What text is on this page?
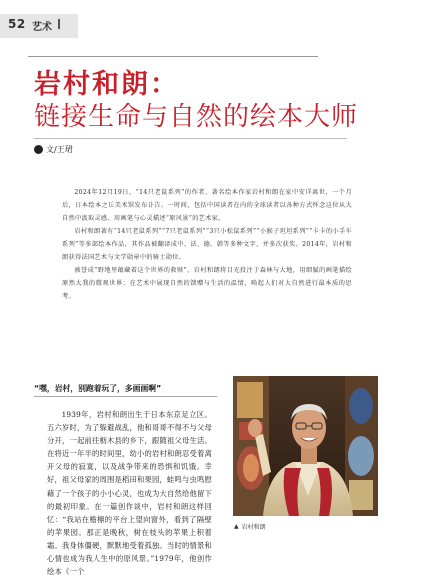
52 艺术
岩村和朗：
链接生命与自然的绘本大师
文/王珺

2024年12月19日，“14只老鼠系列”的作者、著名绘本作家岩村和朗在家中安详离世，一个月后，日本绘本之丘美术馆发布讣告。一时间，包括中国读者在内的全球读者以各种方式怀念这位从大自然中汲取灵感、用画笔与心灵描述“原风景”的艺术家。

岩村和朗著有“14只老鼠系列”“7只老鼠系列”“3只小松鼠系列”“小猴子坦坦系列”“卡卡的小手车系列”等多部绘本作品，其作品被翻译成中、法、德、韩等多种文字，并多次获奖。2014年，岩村和朗获得法国艺术与文学勋章中的骑士勋位。

被誉成“野地里蕴藏着这个世界的救赎”，岩村和朗将目光投注于森林与大地，用细腻的画笔描绘原然大我的微观世界；在艺术中展现自然的馈赠与生活的温情，唤起人们对大自然进行最本质的思考。

“嘿，岩村，别跑着玩了，多画画啊”

1939年，岩村和朗出生于日本东京足立区。五六岁时，为了躲避战乱，他和哥哥不得不与父母分开，一起前往枥木县的乡下，跟随祖父母生活。在将近一年半的时间里，幼小的岩村和朗忍受着离开父母的寂寞，以及战争带来的恐惧和饥饿。幸好，祖父母家的周围是稻田和果园，蛙鸣与虫鸣慰藉了一个孩子的小小心灵，也成为大自然给他留下的最初印象。在一篇创作谈中，岩村和朗这样回忆：“我站在檐檩的平台上望向窗外，看到了隔壁的苹果园。那正是晚秋，树在枝头的苹果上积着霜。我身体僵硬，默默地受着孤独。当时的情景和心情也成为我人生中的原风景。”1979年，他创作绘本《一个

▲ 岩村和朗
